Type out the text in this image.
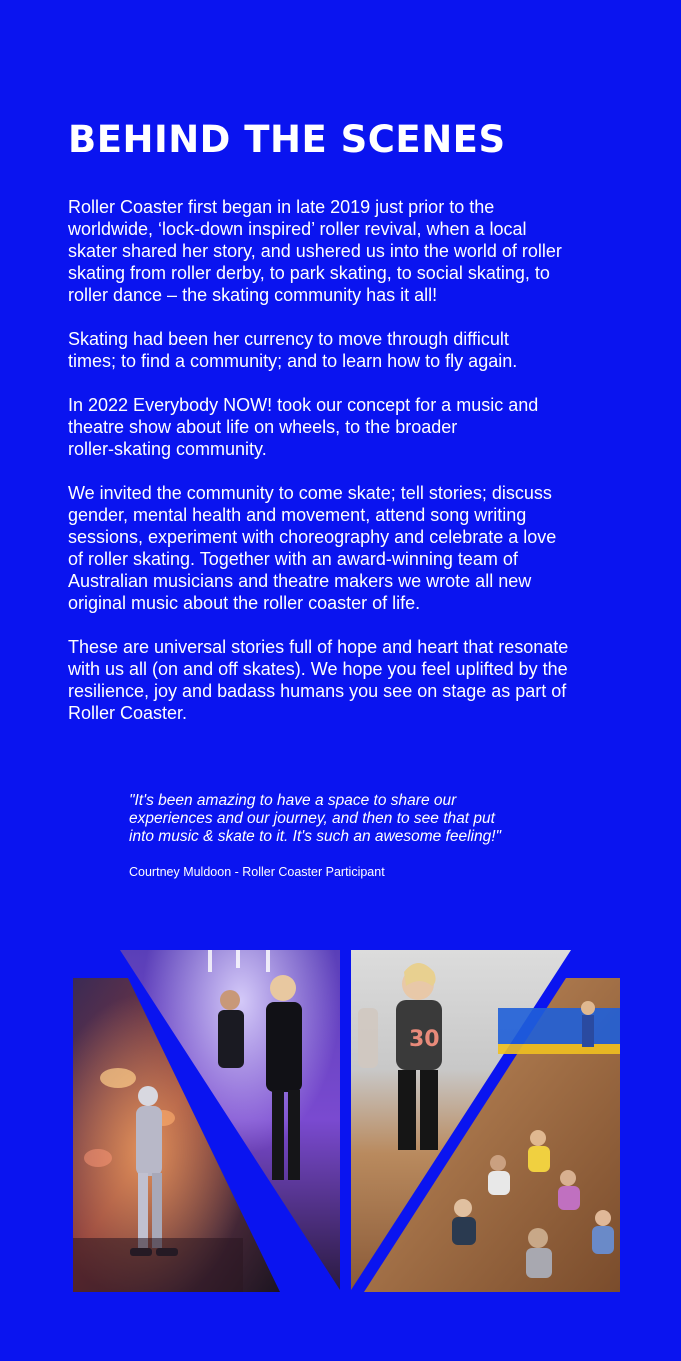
BEHIND THE SCENES

Roller Coaster first began in late 2019 just prior to the
worldwide, ‘lock-down inspired’ roller revival, when a local
skater shared her story, and ushered us into the world of roller
skating from roller derby, to park skating, to social skating, to
roller dance – the skating community has it all!

Skating had been her currency to move through difficult
times; to find a community; and to learn how to fly again.

In 2022 Everybody NOW! took our concept for a music and
theatre show about life on wheels, to the broader
roller-skating community.

We invited the community to come skate; tell stories; discuss
gender, mental health and movement, attend song writing
sessions, experiment with choreography and celebrate a love
of roller skating. Together with an award-winning team of
Australian musicians and theatre makers we wrote all new
original music about the roller coaster of life.

These are universal stories full of hope and heart that resonate
with us all (on and off skates). We hope you feel uplifted by the
resilience, joy and badass humans you see on stage as part of
Roller Coaster.

"It's been amazing to have a space to share our
experiences and our journey, and then to see that put
into music & skate to it. It's such an awesome feeling!"

Courtney Muldoon - Roller Coaster Participant
30
